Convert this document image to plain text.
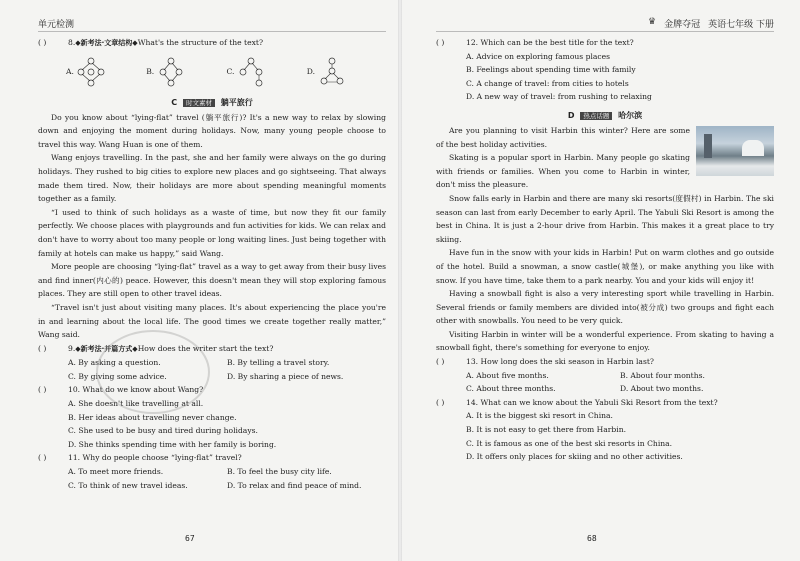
单元检测
( )	8.◆新考法·文章结构◆What's the structure of the text?
A.	B.	C.	D.
C 时文素材 躺平旅行

Do you know about “lying-flat” travel (躺平旅行)? It's a new way to relax by slowing down and enjoying the moment during holidays. Now, many young people choose to travel this way. Wang Huan is one of them.

Wang enjoys travelling. In the past, she and her family were always on the go during holidays. They rushed to big cities to explore new places and go sightseeing. That always made them tired. Now, their holidays are more about spending meaningful moments together as a family.

“I used to think of such holidays as a waste of time, but now they fit our family perfectly. We choose places with playgrounds and fun activities for kids. We can relax and don't have to worry about too many people or long waiting lines. Just being together with family at hotels can make us happy,” said Wang.

More people are choosing “lying-flat” travel as a way to get away from their busy lives and find inner(内心的) peace. However, this doesn't mean they will stop exploring famous places. They are still open to other travel ideas.

“Travel isn't just about visiting many places. It's about experiencing the place you're in and learning about the local life. The good times we create together really matter,” Wang said.

( )	9.◆新考法·并篇方式◆How does the writer start the text?
A. By asking a question.	B. By telling a travel story.
C. By giving some advice.	D. By sharing a piece of news.
( )	10. What do we know about Wang?
A. She doesn't like travelling at all.
B. Her ideas about travelling never change.
C. She used to be busy and tired during holidays.
D. She thinks spending time with her family is boring.
( )	11. Why do people choose “lying-flat” travel?
A. To meet more friends.	B. To feel the busy city life.
C. To think of new travel ideas.	D. To relax and find peace of mind.
67
♛ 金牌夺冠 英语七年级 下册
( )	12. Which can be the best title for the text?
A. Advice on exploring famous places
B. Feelings about spending time with family
C. A change of travel: from cities to hotels
D. A new way of travel: from rushing to relaxing
D 热点话题 哈尔滨

Are you planning to visit Harbin this winter? Here are some of the best holiday activities.

Skating is a popular sport in Harbin. Many people go skating with friends or families. When you come to Harbin in winter, don't miss the pleasure.

Snow falls early in Harbin and there are many ski resorts(度假村) in Harbin. The ski season can last from early December to early April. The Yabuli Ski Resort is among the best in China. It is just a 2-hour drive from Harbin. This makes it a great place to try skiing.

Have fun in the snow with your kids in Harbin! Put on warm clothes and go outside of the hotel. Build a snowman, a snow castle(城堡), or make anything you like with snow. If you have time, take them to a park nearby. You and your kids will enjoy it!

Having a snowball fight is also a very interesting sport while travelling in Harbin. Several friends or family members are divided into(被分成) two groups and fight each other with snowballs. You need to be very quick.

Visiting Harbin in winter will be a wonderful experience. From skating to having a snowball fight, there's something for everyone to enjoy.

( )	13. How long does the ski season in Harbin last?
A. About five months.	B. About four months.
C. About three months.	D. About two months.
( )	14. What can we know about the Yabuli Ski Resort from the text?
A. It is the biggest ski resort in China.
B. It is not easy to get there from Harbin.
C. It is famous as one of the best ski resorts in China.
D. It offers only places for skiing and no other activities.
68
